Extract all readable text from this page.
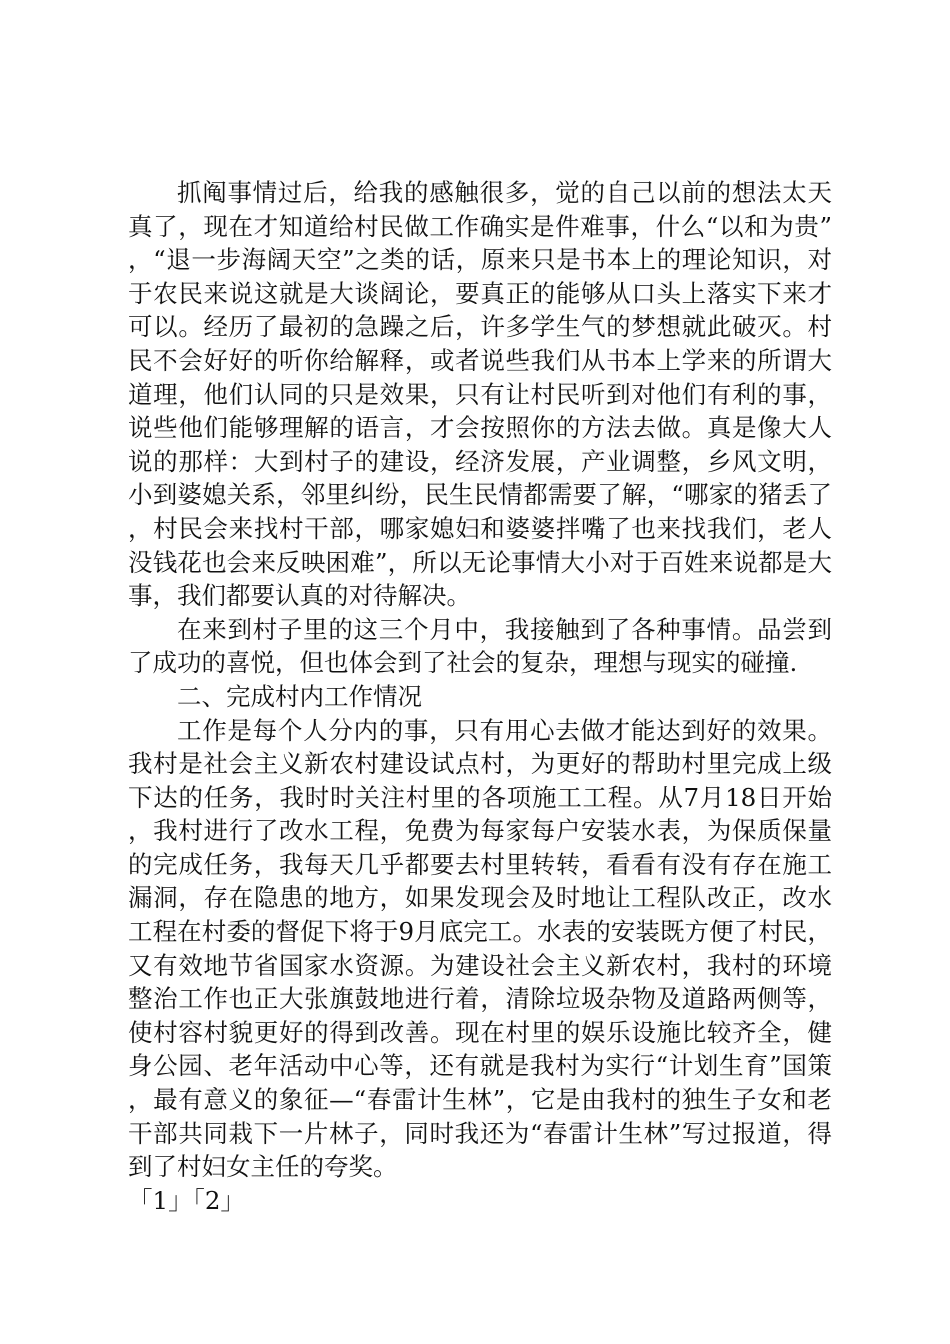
抓阄事情过后，给我的感触很多，觉的自己以前的想法太天真了，现在才知道给村民做工作确实是件难事，什么“以和为贵”，“退一步海阔天空”之类的话，原来只是书本上的理论知识，对于农民来说这就是大谈阔论，要真正的能够从口头上落实下来才可以。经历了最初的急躁之后，许多学生气的梦想就此破灭。村民不会好好的听你给解释，或者说些我们从书本上学来的所谓大道理，他们认同的只是效果，只有让村民听到对他们有利的事，说些他们能够理解的语言，才会按照你的方法去做。真是像大人说的那样：大到村子的建设，经济发展，产业调整，乡风文明，小到婆媳关系，邻里纠纷，民生民情都需要了解，“哪家的猪丢了，村民会来找村干部，哪家媳妇和婆婆拌嘴了也来找我们，老人没钱花也会来反映困难”，所以无论事情大小对于百姓来说都是大事，我们都要认真的对待解决。

在来到村子里的这三个月中，我接触到了各种事情。品尝到了成功的喜悦，但也体会到了社会的复杂，理想与现实的碰撞.

二、完成村内工作情况

工作是每个人分内的事，只有用心去做才能达到好的效果。我村是社会主义新农村建设试点村，为更好的帮助村里完成上级下达的任务，我时时关注村里的各项施工工程。从7月18日开始，我村进行了改水工程，免费为每家每户安装水表，为保质保量的完成任务，我每天几乎都要去村里转转，看看有没有存在施工漏洞，存在隐患的地方，如果发现会及时地让工程队改正，改水工程在村委的督促下将于9月底完工。水表的安装既方便了村民，又有效地节省国家水资源。为建设社会主义新农村，我村的环境整治工作也正大张旗鼓地进行着，清除垃圾杂物及道路两侧等，使村容村貌更好的得到改善。现在村里的娱乐设施比较齐全，健身公园、老年活动中心等，还有就是我村为实行“计划生育”国策，最有意义的象征—“春雷计生林”，它是由我村的独生子女和老干部共同栽下一片林子，同时我还为“春雷计生林”写过报道，得到了村妇女主任的夸奖。

「1」「2」
